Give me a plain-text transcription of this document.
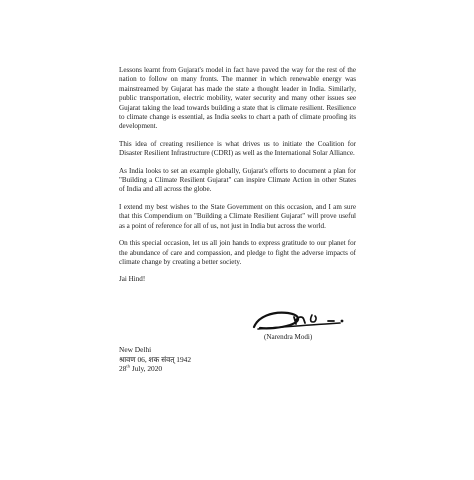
Lessons learnt from Gujarat's model in fact have paved the way for the rest of the nation to follow on many fronts. The manner in which renewable energy was mainstreamed by Gujarat has made the state a thought leader in India. Similarly, public transportation, electric mobility, water security and many other issues see Gujarat taking the lead towards building a state that is climate resilient. Resilience to climate change is essential, as India seeks to chart a path of climate proofing its development.

This idea of creating resilience is what drives us to initiate the Coalition for Disaster Resilient Infrastructure (CDRI) as well as the International Solar Alliance.

As India looks to set an example globally, Gujarat's efforts to document a plan for "Building a Climate Resilient Gujarat" can inspire Climate Action in other States of India and all across the globe.

I extend my best wishes to the State Government on this occasion, and I am sure that this Compendium on "Building a Climate Resilient Gujarat" will prove useful as a point of reference for all of us, not just in India but across the world.

On this special occasion, let us all join hands to express gratitude to our planet for the abundance of care and compassion, and pledge to fight the adverse impacts of climate change by creating a better society.

Jai Hind!

(Narendra Modi)
New Delhi
श्रावण 06, शक संवत् 1942
28th July, 2020
